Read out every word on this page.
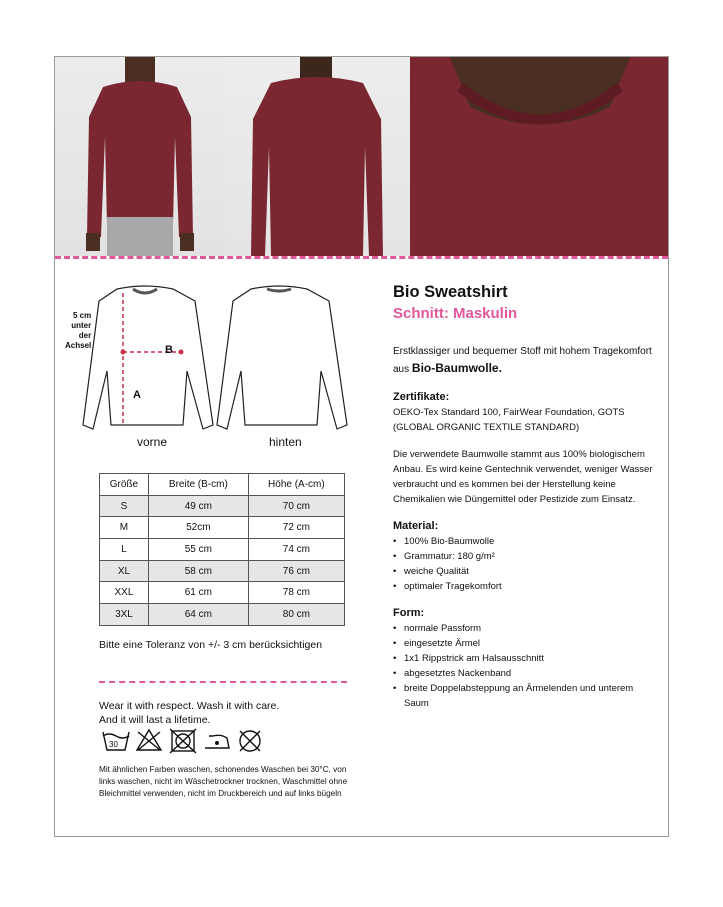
vorne	hinten
A
B
5 cm
unter
der
Achsel
Größe	Breite (B-cm)	Höhe (A-cm)
S	49 cm	70 cm
M	52cm	72 cm
L	55 cm	74 cm
XL	58 cm	76 cm
XXL	61 cm	78 cm
3XL	64 cm	80 cm
Bitte eine Toleranz von +/- 3 cm berücksichtigen
Wear it with respect. Wash it with care.
And it will last a lifetime.
30
Mit ähnlichen Farben waschen, schonendes Waschen bei 30°C, von links waschen, nicht im Wäschetrockner trocknen, Waschmittel ohne Bleichmittel verwenden, nicht im Druckbereich und auf links bügeln
Bio Sweatshirt
Schnitt: Maskulin
Erstklassiger und bequemer Stoff mit hohem Tragekomfort aus Bio-Baumwolle.
Zertifikate:
OEKO-Tex Standard 100, FairWear Foundation, GOTS (GLOBAL ORGANIC TEXTILE STANDARD)
Die verwendete Baumwolle stammt aus 100% biologischem Anbau. Es wird keine Gentechnik verwendet, weniger Wasser verbraucht und es kommen bei der Herstellung keine Chemikalien wie Düngemittel oder Pestizide zum Einsatz.
Material:
• 100% Bio-Baumwolle
• Grammatur: 180 g/m²
• weiche Qualität
• optimaler Tragekomfort
Form:
• normale Passform
• eingesetzte Ärmel
• 1x1 Rippstrick am Halsausschnitt
• abgesetztes Nackenband
• breite Doppelabsteppung an Ärmelenden und unterem Saum
